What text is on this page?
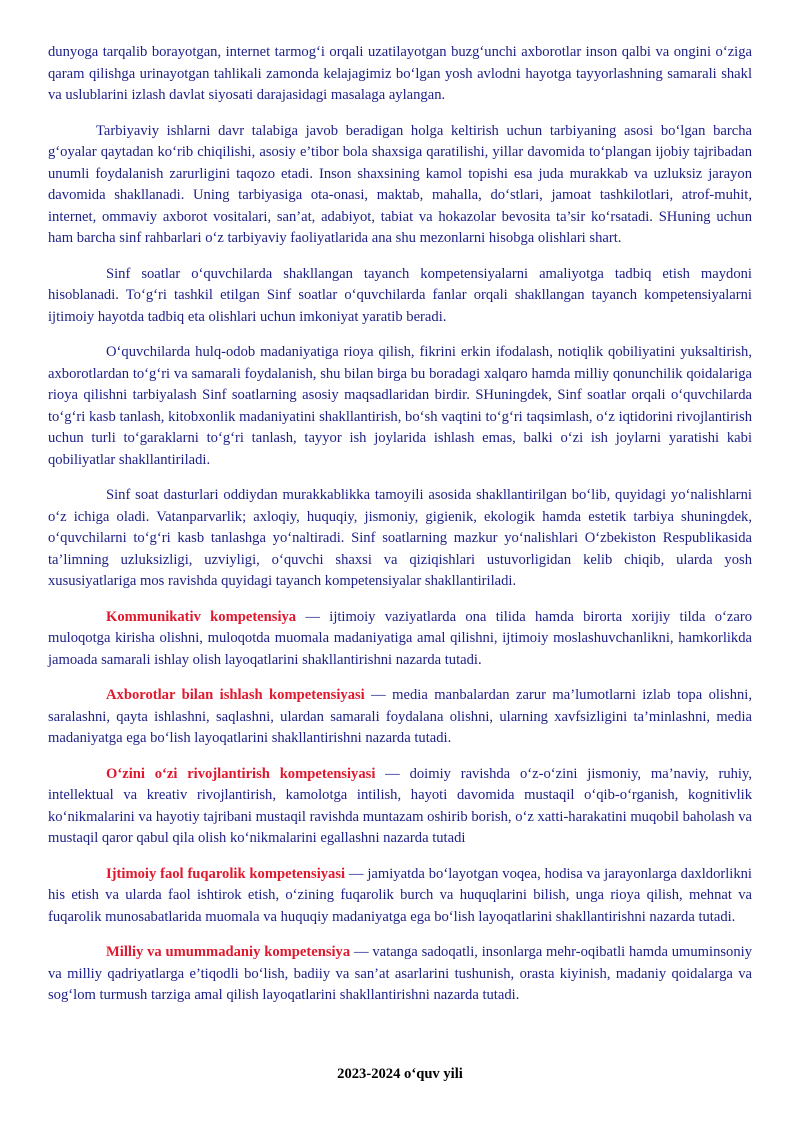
dunyoga tarqalib borayotgan, internet tarmogʻi orqali uzatilayotgan buzgʻunchi axborotlar inson qalbi va ongini oʻziga qaram qilishga urinayotgan tahlikali zamonda kelajagimiz boʻlgan yosh avlodni hayotga tayyorlashning samarali shakl va uslublarini izlash davlat siyosati darajasidagi masalaga aylangan.

Tarbiyaviy ishlarni davr talabiga javob beradigan holga keltirish uchun tarbiyaning asosi boʻlgan barcha gʻoyalar qaytadan koʻrib chiqilishi, asosiy e’tibor bola shaxsiga qaratilishi, yillar davomida toʻplangan ijobiy tajribadan unumli foydalanish zarurligini taqozo etadi. Inson shaxsining kamol topishi esa juda murakkab va uzluksiz jarayon davomida shakllanadi. Uning tarbiyasiga ota-onasi, maktab, mahalla, doʻstlari, jamoat tashkilotlari, atrof-muhit, internet, ommaviy axborot vositalari, san’at, adabiyot, tabiat va hokazolar bevosita ta’sir koʻrsatadi. SHuning uchun ham barcha sinf rahbarlari oʻz tarbiyaviy faoliyatlarida ana shu mezonlarni hisobga olishlari shart.

Sinf soatlar oʻquvchilarda shakllangan tayanch kompetensiyalarni amaliyotga tadbiq etish maydoni hisoblanadi. Toʻgʻri tashkil etilgan Sinf soatlar oʻquvchilarda fanlar orqali shakllangan tayanch kompetensiyalarni ijtimoiy hayotda tadbiq eta olishlari uchun imkoniyat yaratib beradi.

Oʻquvchilarda hulq-odob madaniyatiga rioya qilish, fikrini erkin ifodalash, notiqlik qobiliyatini yuksaltirish, axborotlardan toʻgʻri va samarali foydalanish, shu bilan birga bu boradagi xalqaro hamda milliy qonunchilik qoidalariga rioya qilishni tarbiyalash Sinf soatlarning asosiy maqsadlaridan birdir. SHuningdek, Sinf soatlar orqali oʻquvchilarda toʻgʻri kasb tanlash, kitobxonlik madaniyatini shakllantirish, boʻsh vaqtini toʻgʻri taqsimlash, oʻz iqtidorini rivojlantirish uchun turli toʻgaraklarni toʻgʻri tanlash, tayyor ish joylarida ishlash emas, balki oʻzi ish joylarni yaratishi kabi qobiliyatlar shakllantiriladi.

Sinf soat dasturlari oddiydan murakkablikka tamoyili asosida shakllantirilgan boʻlib, quyidagi yoʻnalishlarni oʻz ichiga oladi. Vatanparvarlik; axloqiy, huquqiy, jismoniy, gigienik, ekologik hamda estetik tarbiya shuningdek, oʻquvchilarni toʻgʻri kasb tanlashga yoʻnaltiradi. Sinf soatlarning mazkur yoʻnalishlari Oʻzbekiston Respublikasida ta’limning uzluksizligi, uzviyligi, oʻquvchi shaxsi va qiziqishlari ustuvorligidan kelib chiqib, ularda yosh xususiyatlariga mos ravishda quyidagi tayanch kompetensiyalar shakllantiriladi.

Kommunikativ kompetensiya — ijtimoiy vaziyatlarda ona tilida hamda birorta xorijiy tilda oʻzaro muloqotga kirisha olishni, muloqotda muomala madaniyatiga amal qilishni, ijtimoiy moslashuvchanlikni, hamkorlikda jamoada samarali ishlay olish layoqatlarini shakllantirishni nazarda tutadi.

Axborotlar bilan ishlash kompetensiyasi — media manbalardan zarur ma’lumotlarni izlab topa olishni, saralashni, qayta ishlashni, saqlashni, ulardan samarali foydalana olishni, ularning xavfsizligini ta’minlashni, media madaniyatga ega boʻlish layoqatlarini shakllantirishni nazarda tutadi.

Oʻzini oʻzi rivojlantirish kompetensiyasi — doimiy ravishda oʻz-oʻzini jismoniy, ma’naviy, ruhiy, intellektual va kreativ rivojlantirish, kamolotga intilish, hayoti davomida mustaqil oʻqib-oʻrganish, kognitivlik koʻnikmalarini va hayotiy tajribani mustaqil ravishda muntazam oshirib borish, oʻz xatti-harakatini muqobil baholash va mustaqil qaror qabul qila olish koʻnikmalarini egallashni nazarda tutadi

Ijtimoiy faol fuqarolik kompetensiyasi — jamiyatda boʻlayotgan voqea, hodisa va jarayonlarga daxldorlikni his etish va ularda faol ishtirok etish, oʻzining fuqarolik burch va huquqlarini bilish, unga rioya qilish, mehnat va fuqarolik munosabatlarida muomala va huquqiy madaniyatga ega boʻlish layoqatlarini shakllantirishni nazarda tutadi.

Milliy va umummadaniy kompetensiya — vatanga sadoqatli, insonlarga mehr-oqibatli hamda umuminsoniy va milliy qadriyatlarga e’tiqodli boʻlish, badiiy va san’at asarlarini tushunish, orasta kiyinish, madaniy qoidalarga va sogʻlom turmush tarziga amal qilish layoqatlarini shakllantirishni nazarda tutadi.

2023-2024 oʻquv yili
